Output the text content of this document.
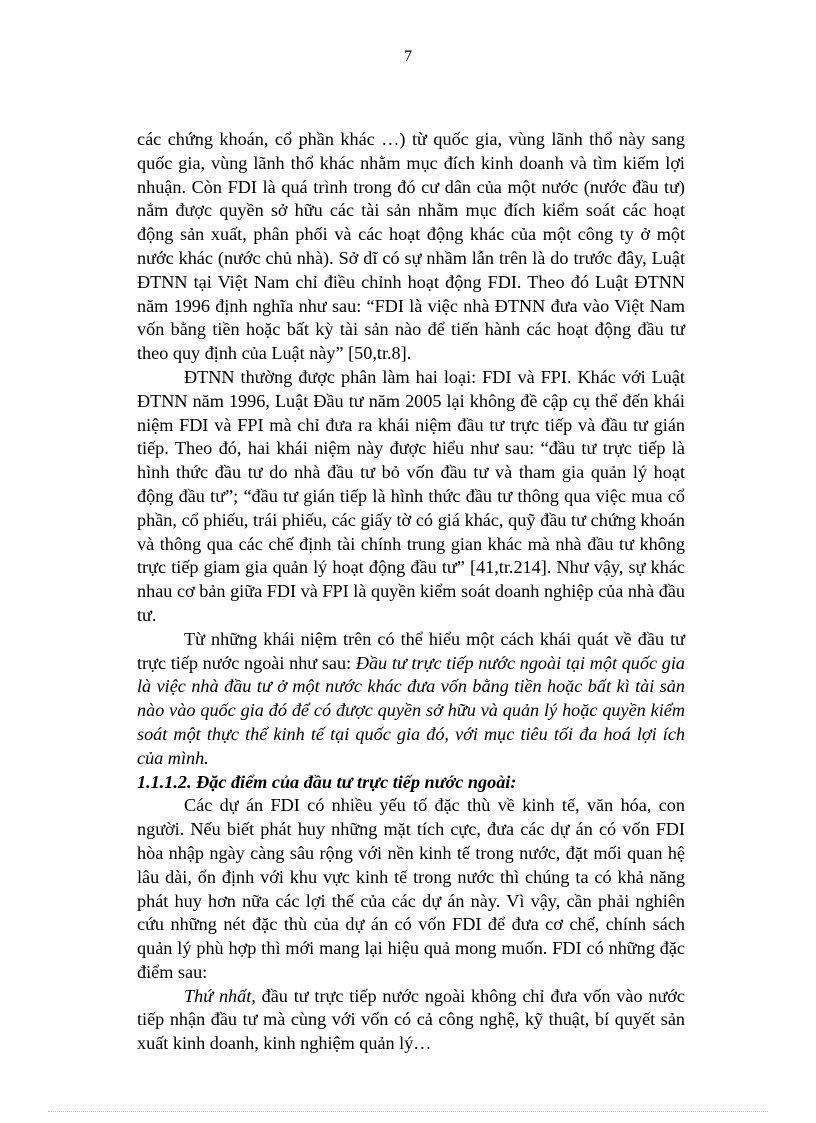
7

các chứng khoán, cổ phần khác …) từ quốc gia, vùng lãnh thổ này sang quốc gia, vùng lãnh thổ khác nhằm mục đích kinh doanh và tìm kiếm lợi nhuận. Còn FDI là quá trình trong đó cư dân của một nước (nước đầu tư) nắm được quyền sở hữu các tài sản nhằm mục đích kiểm soát các hoạt động sản xuất, phân phối và các hoạt động khác của một công ty ở một nước khác (nước chủ nhà). Sở dĩ có sự nhầm lẫn trên là do trước đây, Luật ĐTNN tại Việt Nam chỉ điều chỉnh hoạt động FDI. Theo đó Luật ĐTNN năm 1996 định nghĩa như sau: “FDI là việc nhà ĐTNN đưa vào Việt Nam vốn bằng tiền hoặc bất kỳ tài sản nào để tiến hành các hoạt động đầu tư theo quy định của Luật này” [50,tr.8].

ĐTNN thường được phân làm hai loại: FDI và FPI. Khác với Luật ĐTNN năm 1996, Luật Đầu tư năm 2005 lại không đề cập cụ thể đến khái niệm FDI và FPI mà chỉ đưa ra khái niệm đầu tư trực tiếp và đầu tư gián tiếp. Theo đó, hai khái niệm này được hiểu như sau: “đầu tư trực tiếp là hình thức đầu tư do nhà đầu tư bỏ vốn đầu tư và tham gia quản lý hoạt động đầu tư”; “đầu tư gián tiếp là hình thức đầu tư thông qua việc mua cổ phần, cổ phiếu, trái phiếu, các giấy tờ có giá khác, quỹ đầu tư chứng khoán và thông qua các chế định tài chính trung gian khác mà nhà đầu tư không trực tiếp giam gia quản lý hoạt động đầu tư” [41,tr.214]. Như vậy, sự khác nhau cơ bản giữa FDI và FPI là quyền kiểm soát doanh nghiệp của nhà đầu tư.

Từ những khái niệm trên có thể hiểu một cách khái quát về đầu tư trực tiếp nước ngoài như sau: Đầu tư trực tiếp nước ngoài tại một quốc gia là việc nhà đầu tư ở một nước khác đưa vốn bằng tiền hoặc bất kì tài sản nào vào quốc gia đó để có được quyền sở hữu và quản lý hoặc quyền kiểm soát một thực thể kinh tế tại quốc gia đó, với mục tiêu tối đa hoá lợi ích của mình.

1.1.1.2. Đặc điểm của đầu tư trực tiếp nước ngoài:

Các dự án FDI có nhiều yếu tố đặc thù về kinh tế, văn hóa, con người. Nếu biết phát huy những mặt tích cực, đưa các dự án có vốn FDI hòa nhập ngày càng sâu rộng với nền kinh tế trong nước, đặt mối quan hệ lâu dài, ổn định với khu vực kinh tế trong nước thì chúng ta có khả năng phát huy hơn nữa các lợi thế của các dự án này. Vì vậy, cần phải nghiên cứu những nét đặc thù của dự án có vốn FDI để đưa cơ chế, chính sách quản lý phù hợp thì mới mang lại hiệu quả mong muốn. FDI có những đặc điểm sau:

Thứ nhất, đầu tư trực tiếp nước ngoài không chỉ đưa vốn vào nước tiếp nhận đầu tư mà cùng với vốn có cả công nghệ, kỹ thuật, bí quyết sản xuất kinh doanh, kinh nghiệm quản lý…
